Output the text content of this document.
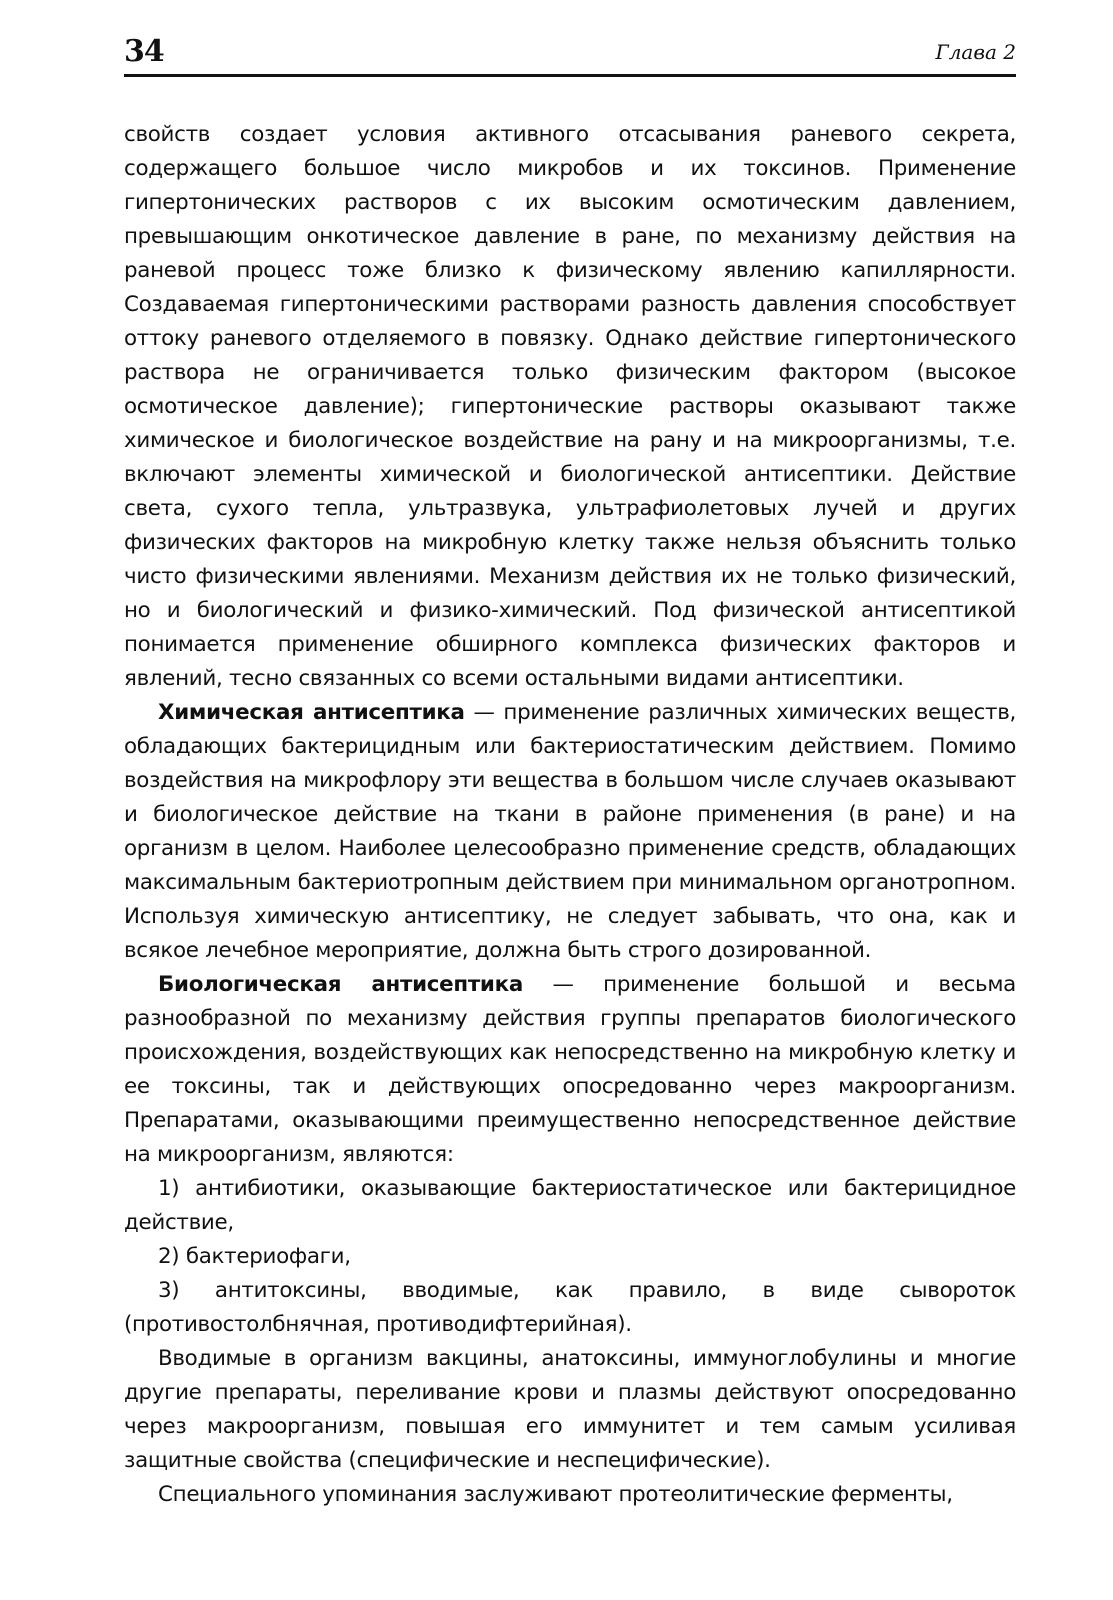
34	Глава 2

свойств создает условия активного отсасывания раневого секрета, содержащего большое число микробов и их токсинов. Применение гипертонических растворов с их высоким осмотическим давлением, превышающим онкотическое давление в ране, по механизму действия на раневой процесс тоже близко к физическому явлению капиллярности. Создаваемая гипертоническими растворами разность давления способствует оттоку раневого отделяемого в повязку. Однако действие гипертонического раствора не ограничивается только физическим фактором (высокое осмотическое давление); гипертонические растворы оказывают также химическое и биологическое воздействие на рану и на микроорганизмы, т.е. включают элементы химической и биологической антисептики. Действие света, сухого тепла, ультразвука, ультрафиолетовых лучей и других физических факторов на микробную клетку также нельзя объяснить только чисто физическими явлениями. Механизм действия их не только физический, но и биологический и физико-химический. Под физической антисептикой понимается применение обширного комплекса физических факторов и явлений, тесно связанных со всеми остальными видами антисептики.

Химическая антисептика — применение различных химических веществ, обладающих бактерицидным или бактериостатическим действием. Помимо воздействия на микрофлору эти вещества в большом числе случаев оказывают и биологическое действие на ткани в районе применения (в ране) и на организм в целом. Наиболее целесообразно применение средств, обладающих максимальным бактериотропным действием при минимальном органотропном. Используя химическую антисептику, не следует забывать, что она, как и всякое лечебное мероприятие, должна быть строго дозированной.

Биологическая антисептика — применение большой и весьма разнообразной по механизму действия группы препаратов биологического происхождения, воздействующих как непосредственно на микробную клетку и ее токсины, так и действующих опосредованно через макроорганизм. Препаратами, оказывающими преимущественно непосредственное действие на микроорганизм, являются:

1) антибиотики, оказывающие бактериостатическое или бактерицидное действие,

2) бактериофаги,

3) антитоксины, вводимые, как правило, в виде сывороток (противостолбнячная, противодифтерийная).

Вводимые в организм вакцины, анатоксины, иммуноглобулины и многие другие препараты, переливание крови и плазмы действуют опосредованно через макроорганизм, повышая его иммунитет и тем самым усиливая защитные свойства (специфические и неспецифические).

Специального упоминания заслуживают протеолитические ферменты,
